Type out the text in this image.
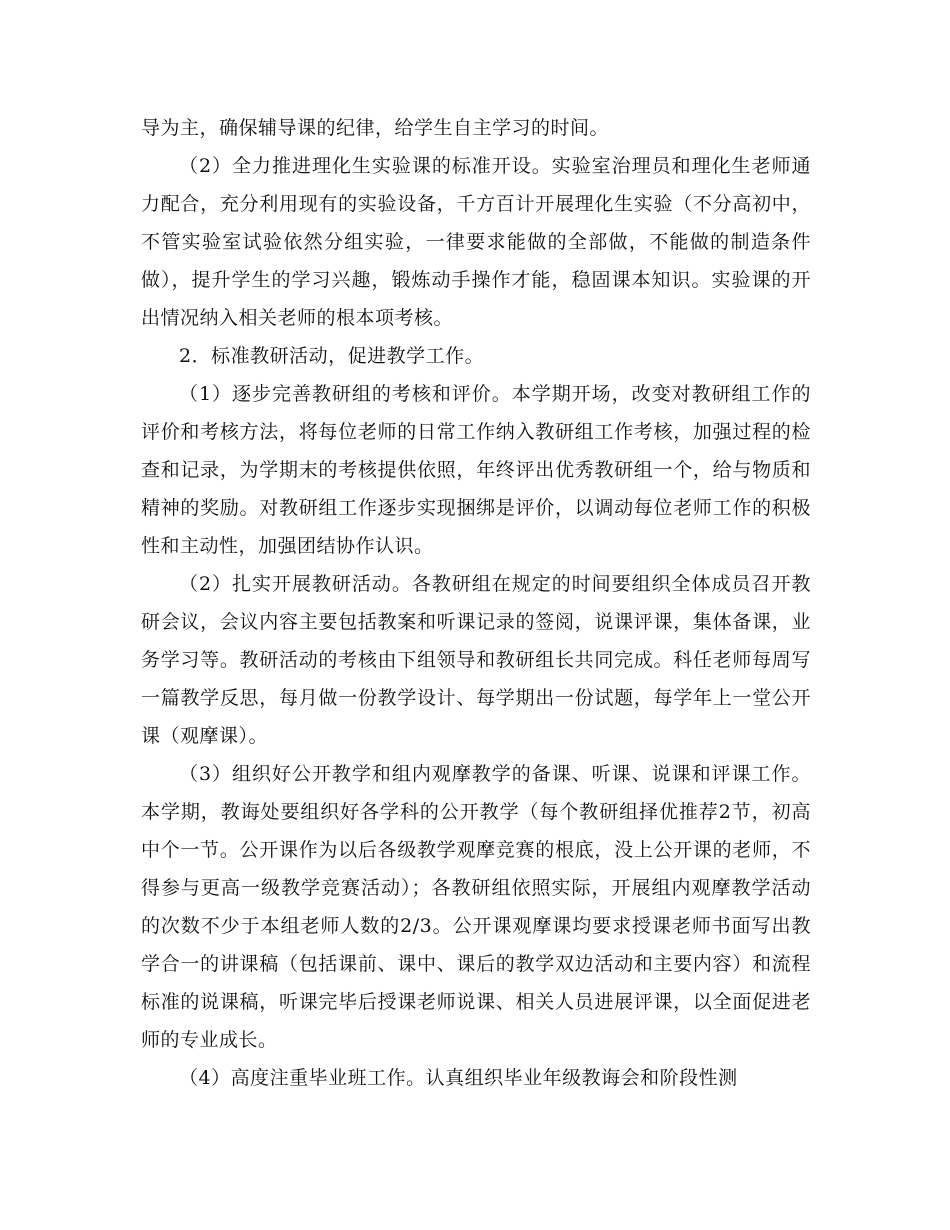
导为主，确保辅导课的纪律，给学生自主学习的时间。

（2）全力推进理化生实验课的标准开设。实验室治理员和理化生老师通力配合，充分利用现有的实验设备，千方百计开展理化生实验（不分高初中，不管实验室试验依然分组实验，一律要求能做的全部做，不能做的制造条件做），提升学生的学习兴趣，锻炼动手操作才能，稳固课本知识。实验课的开出情况纳入相关老师的根本项考核。

2．标准教研活动，促进教学工作。

（1）逐步完善教研组的考核和评价。本学期开场，改变对教研组工作的评价和考核方法，将每位老师的日常工作纳入教研组工作考核，加强过程的检查和记录，为学期末的考核提供依照，年终评出优秀教研组一个，给与物质和精神的奖励。对教研组工作逐步实现捆绑是评价，以调动每位老师工作的积极性和主动性，加强团结协作认识。

（2）扎实开展教研活动。各教研组在规定的时间要组织全体成员召开教研会议，会议内容主要包括教案和听课记录的签阅，说课评课，集体备课，业务学习等。教研活动的考核由下组领导和教研组长共同完成。科任老师每周写一篇教学反思，每月做一份教学设计、每学期出一份试题，每学年上一堂公开课（观摩课）。

（3）组织好公开教学和组内观摩教学的备课、听课、说课和评课工作。本学期，教诲处要组织好各学科的公开教学（每个教研组择优推荐2节，初高中个一节。公开课作为以后各级教学观摩竞赛的根底，没上公开课的老师，不得参与更高一级教学竞赛活动）；各教研组依照实际，开展组内观摩教学活动的次数不少于本组老师人数的2/3。公开课观摩课均要求授课老师书面写出教学合一的讲课稿（包括课前、课中、课后的教学双边活动和主要内容）和流程标准的说课稿，听课完毕后授课老师说课、相关人员进展评课，以全面促进老师的专业成长。

（4）高度注重毕业班工作。认真组织毕业年级教诲会和阶段性测
